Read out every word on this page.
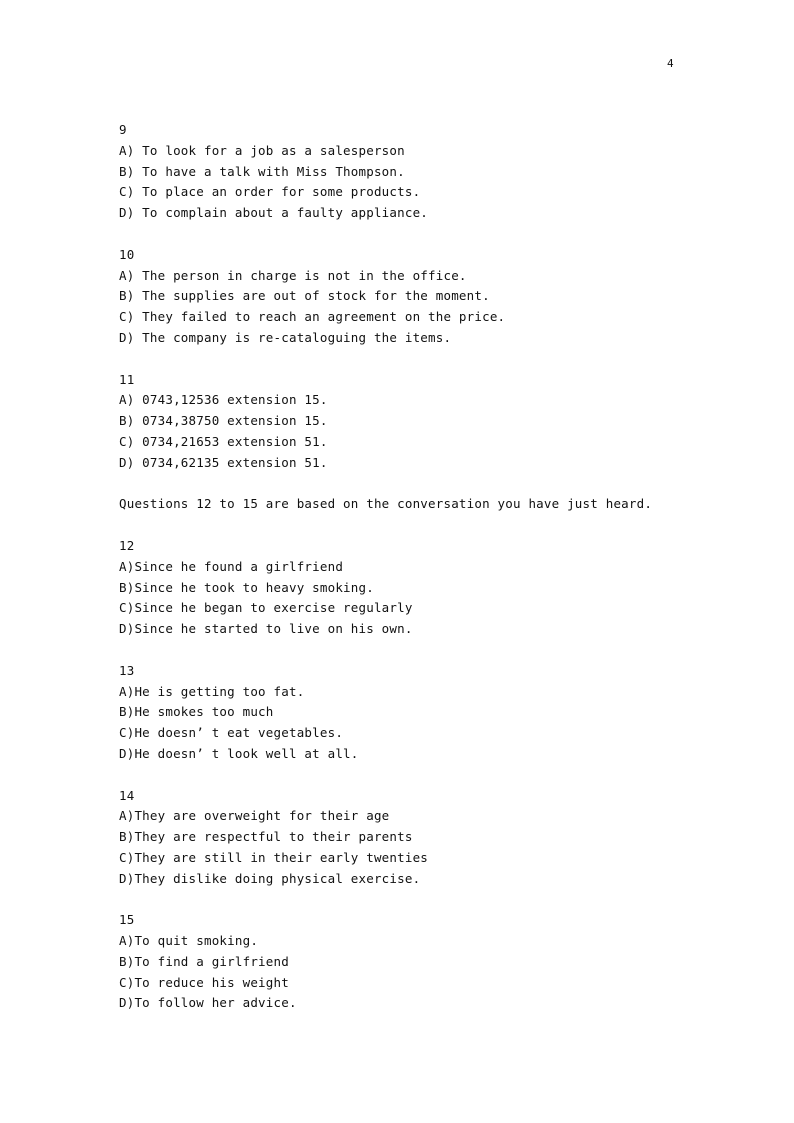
4
9
A) To look for a job as a salesperson
B) To have a talk with Miss Thompson.
C) To place an order for some products.
D) To complain about a faulty appliance.
10
A) The person in charge is not in the office.
B) The supplies are out of stock for the moment.
C) They failed to reach an agreement on the price.
D) The company is re-cataloguing the items.
11
A) 0743,12536 extension 15.
B) 0734,38750 extension 15.
C) 0734,21653 extension 51.
D) 0734,62135 extension 51.
Questions 12 to 15 are based on the conversation you have just heard.
12
A)Since he found a girlfriend
B)Since he took to heavy smoking.
C)Since he began to exercise regularly
D)Since he started to live on his own.
13
A)He is getting too fat.
B)He smokes too much
C)He doesn’ t eat vegetables.
D)He doesn’ t look well at all.
14
A)They are overweight for their age
B)They are respectful to their parents
C)They are still in their early twenties
D)They dislike doing physical exercise.
15
A)To quit smoking.
B)To find a girlfriend
C)To reduce his weight
D)To follow her advice.
